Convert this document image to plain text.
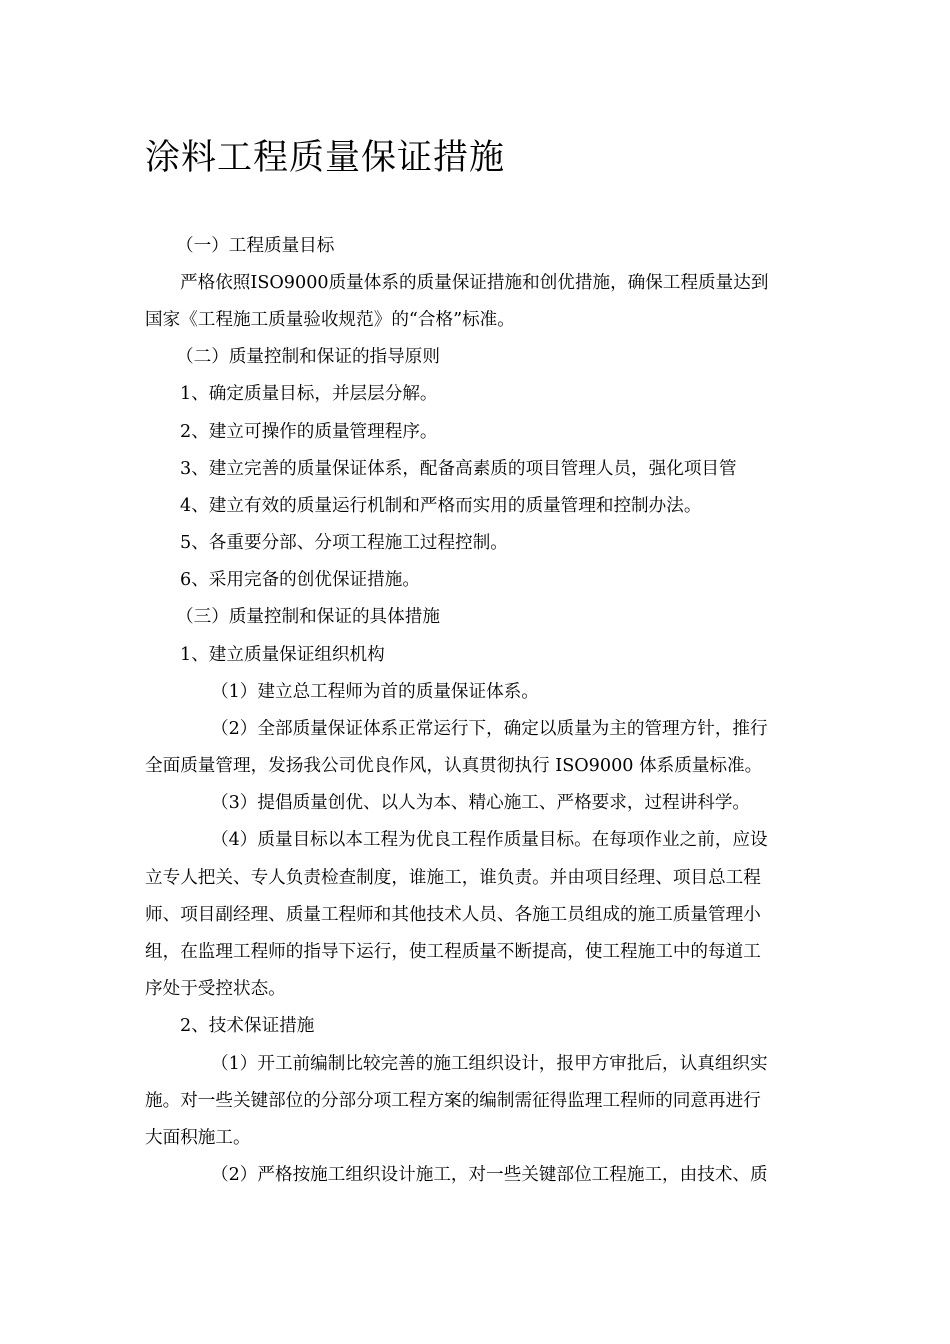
涂料工程质量保证措施

（一）工程质量目标

严格依照ISO9000质量体系的质量保证措施和创优措施，确保工程质量达到

国家《工程施工质量验收规范》的“合格”标准。

（二）质量控制和保证的指导原则

1、确定质量目标，并层层分解。

2、建立可操作的质量管理程序。

3、建立完善的质量保证体系，配备高素质的项目管理人员，强化项目管

4、建立有效的质量运行机制和严格而实用的质量管理和控制办法。

5、各重要分部、分项工程施工过程控制。

6、采用完备的创优保证措施。

（三）质量控制和保证的具体措施

1、建立质量保证组织机构

（1）建立总工程师为首的质量保证体系。

（2）全部质量保证体系正常运行下，确定以质量为主的管理方针，推行

全面质量管理，发扬我公司优良作风，认真贯彻执行 ISO9000 体系质量标准。

（3）提倡质量创优、以人为本、精心施工、严格要求，过程讲科学。

（4）质量目标以本工程为优良工程作质量目标。在每项作业之前，应设

立专人把关、专人负责检查制度，谁施工，谁负责。并由项目经理、项目总工程

师、项目副经理、质量工程师和其他技术人员、各施工员组成的施工质量管理小

组，在监理工程师的指导下运行，使工程质量不断提高，使工程施工中的每道工

序处于受控状态。

2、技术保证措施

（1）开工前编制比较完善的施工组织设计，报甲方审批后，认真组织实

施。对一些关键部位的分部分项工程方案的编制需征得监理工程师的同意再进行

大面积施工。

（2）严格按施工组织设计施工，对一些关键部位工程施工，由技术、质
